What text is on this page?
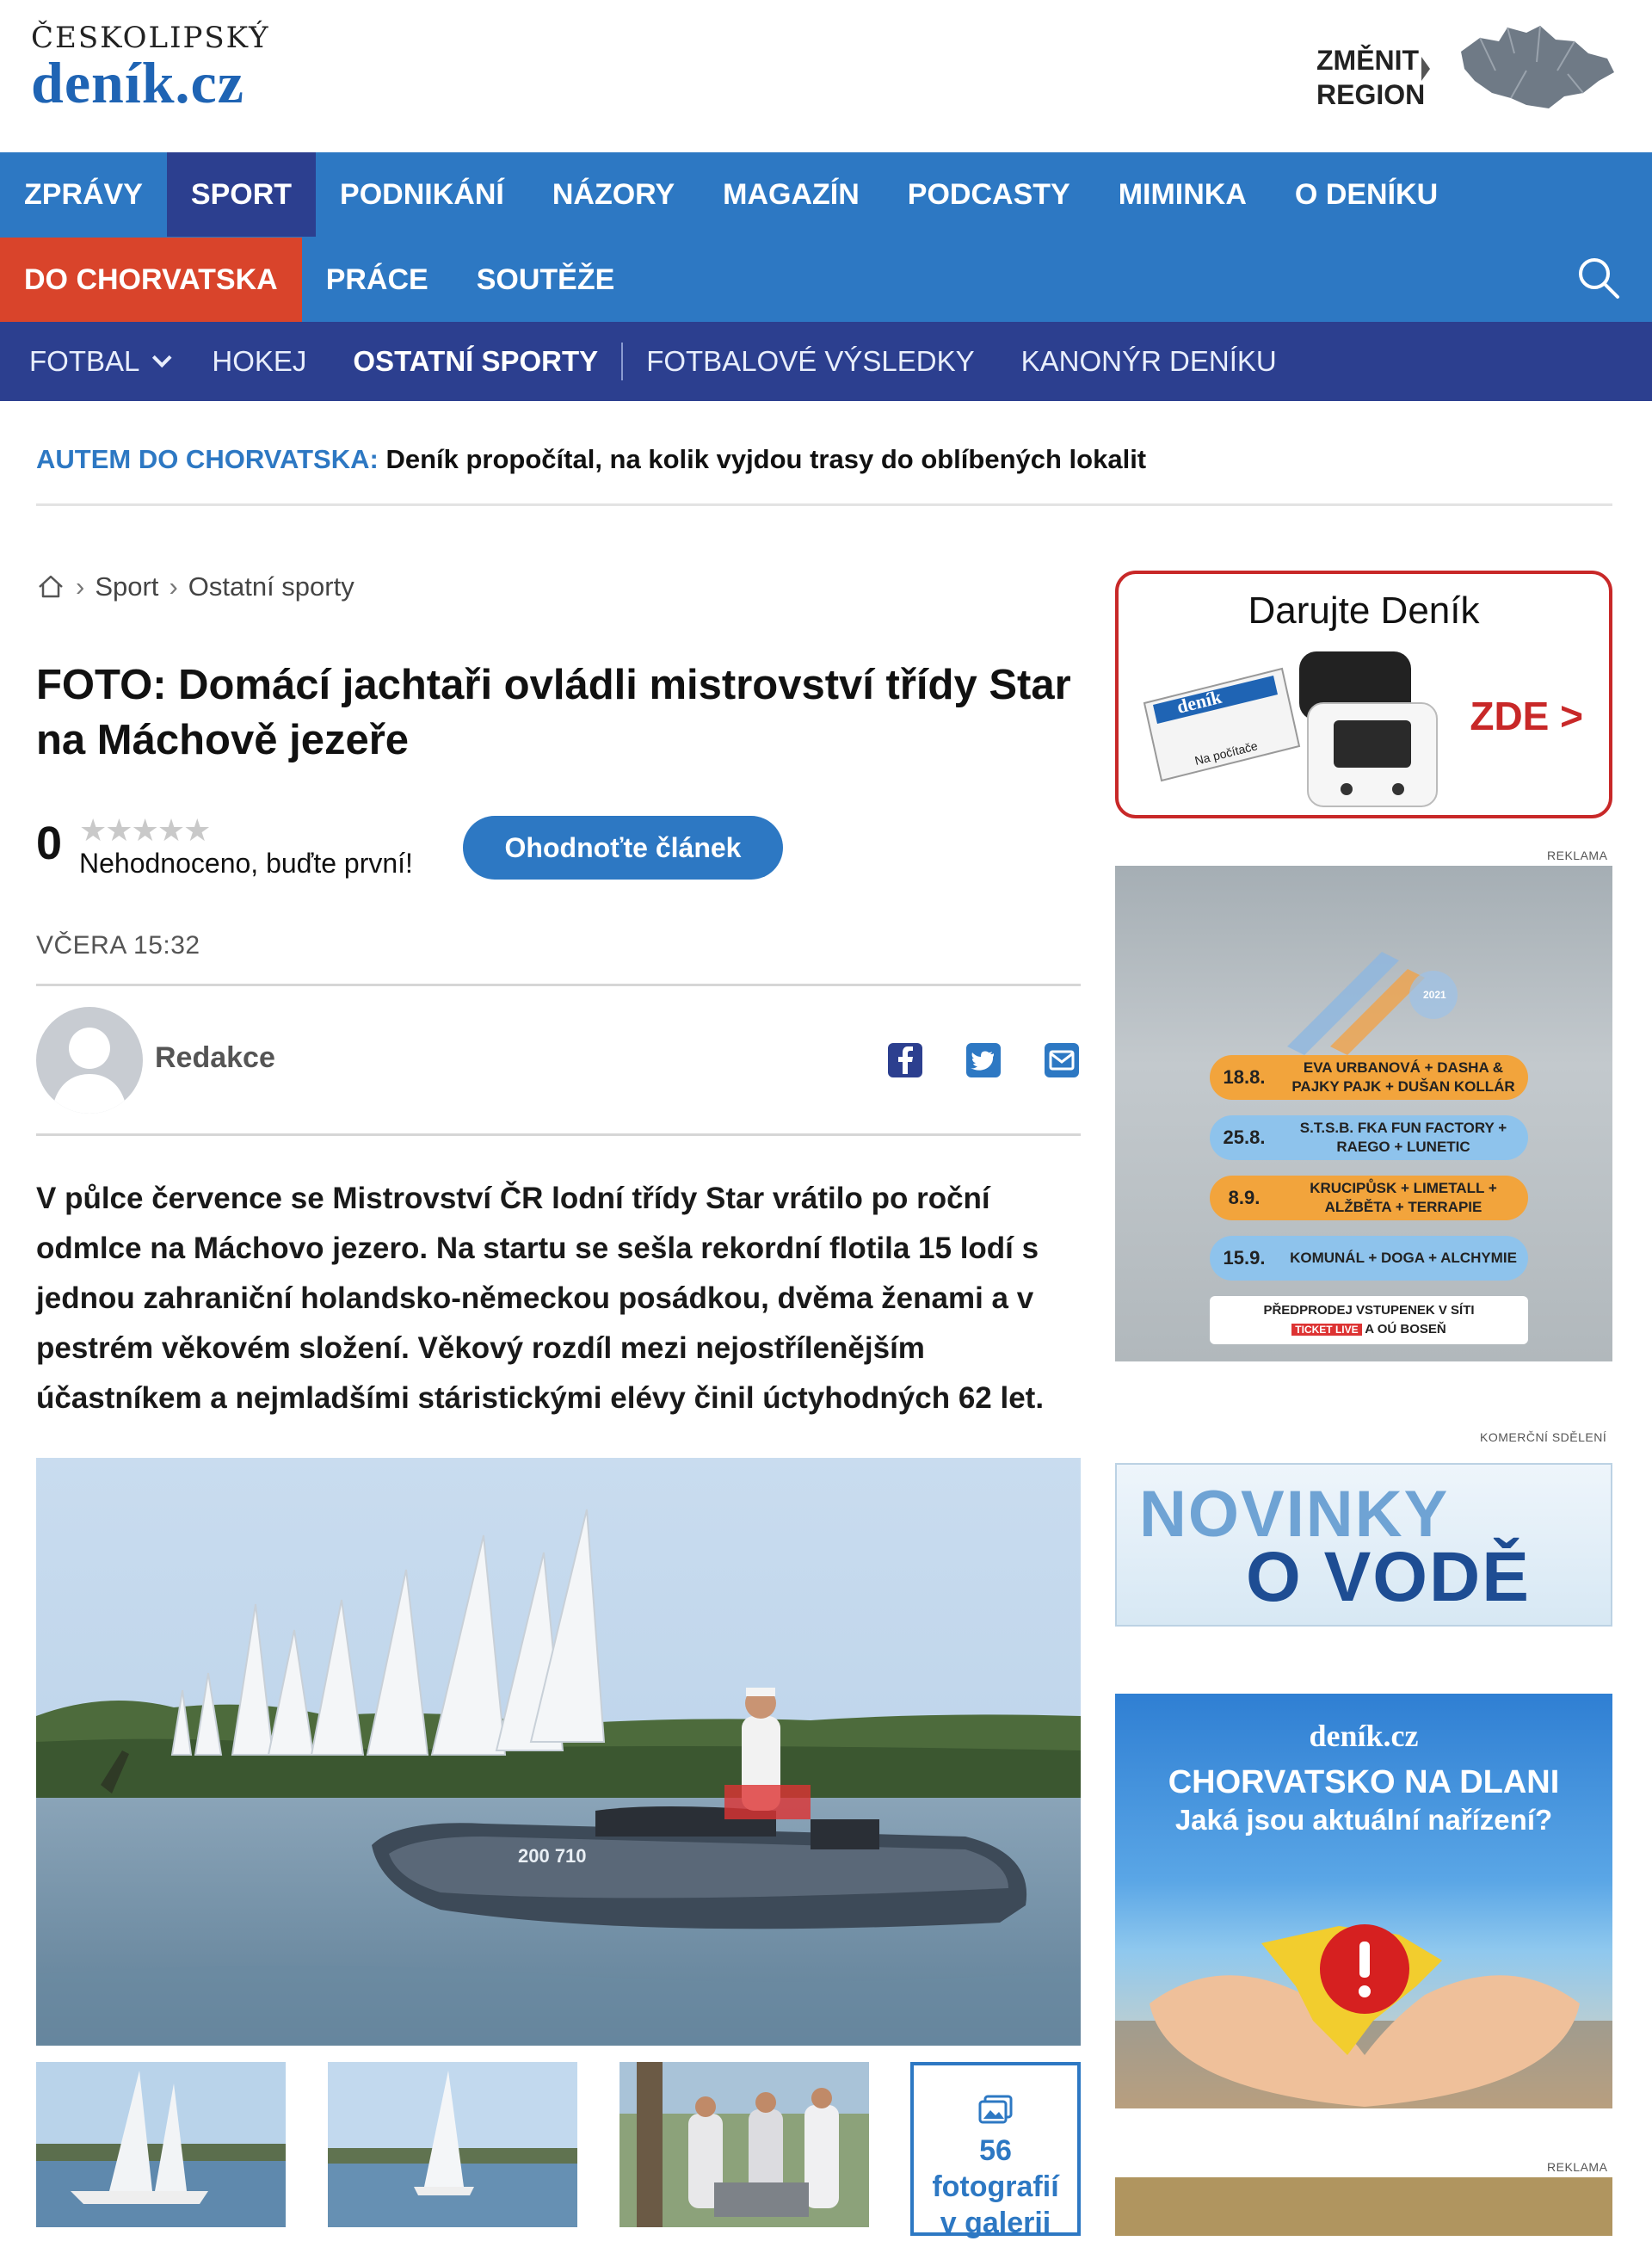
ČESKOLIPSKÝ
deník.cz	ZMĚNIT
REGION
ZPRÁVY	SPORT	PODNIKÁNÍ	NÁZORY	MAGAZÍN	PODCASTY	MIMINKA	O DENÍKU
DO CHORVATSKA	PRÁCE	SOUTĚŽE
FOTBAL	HOKEJ	OSTATNÍ SPORTY	FOTBALOVÉ VÝSLEDKY	KANONÝR DENÍKU
AUTEM DO CHORVATSKA: Deník propočítal, na kolik vyjdou trasy do oblíbených lokalit
› Sport › Ostatní sporty
FOTO: Domácí jachtaři ovládli mistrovství třídy Star na Máchově jezeře
0 ★★★★★
Nehodnoceno, buďte první!
Ohodnoťte článek
VČERA 15:32
Redakce

V půlce července se Mistrovství ČR lodní třídy Star vrátilo po roční odmlce na Máchovo jezero. Na startu se sešla rekordní flotila 15 lodí s jednou zahraniční holandsko-německou posádkou, dvěma ženami a v pestrém věkovém složení. Věkový rozdíl mezi nejostřílenějším účastníkem a nejmladšími stáristickými elévy činil úctyhodných 62 let.

200 710
56
fotografií
v galerii
Darujte Deník
deník
Na počítače
ZDE >
REKLAMA
2021
18.8.	EVA URBANOVÁ + DASHA & PAJKY PAJK + DUŠAN KOLLÁR
25.8.	S.T.S.B. FKA FUN FACTORY + RAEGO + LUNETIC
8.9.	KRUCIPŮSK + LIMETALL + ALŽBĚTA + TERRAPIE
15.9.	KOMUNÁL + DOGA + ALCHYMIE
PŘEDPRODEJ VSTUPENEK V SÍTI
TICKET LIVE A OÚ BOSEŇ
KOMERČNÍ SDĚLENÍ
NOVINKY
O VODĚ
deník.cz
CHORVATSKO NA DLANI
Jaká jsou aktuální nařízení?
REKLAMA
